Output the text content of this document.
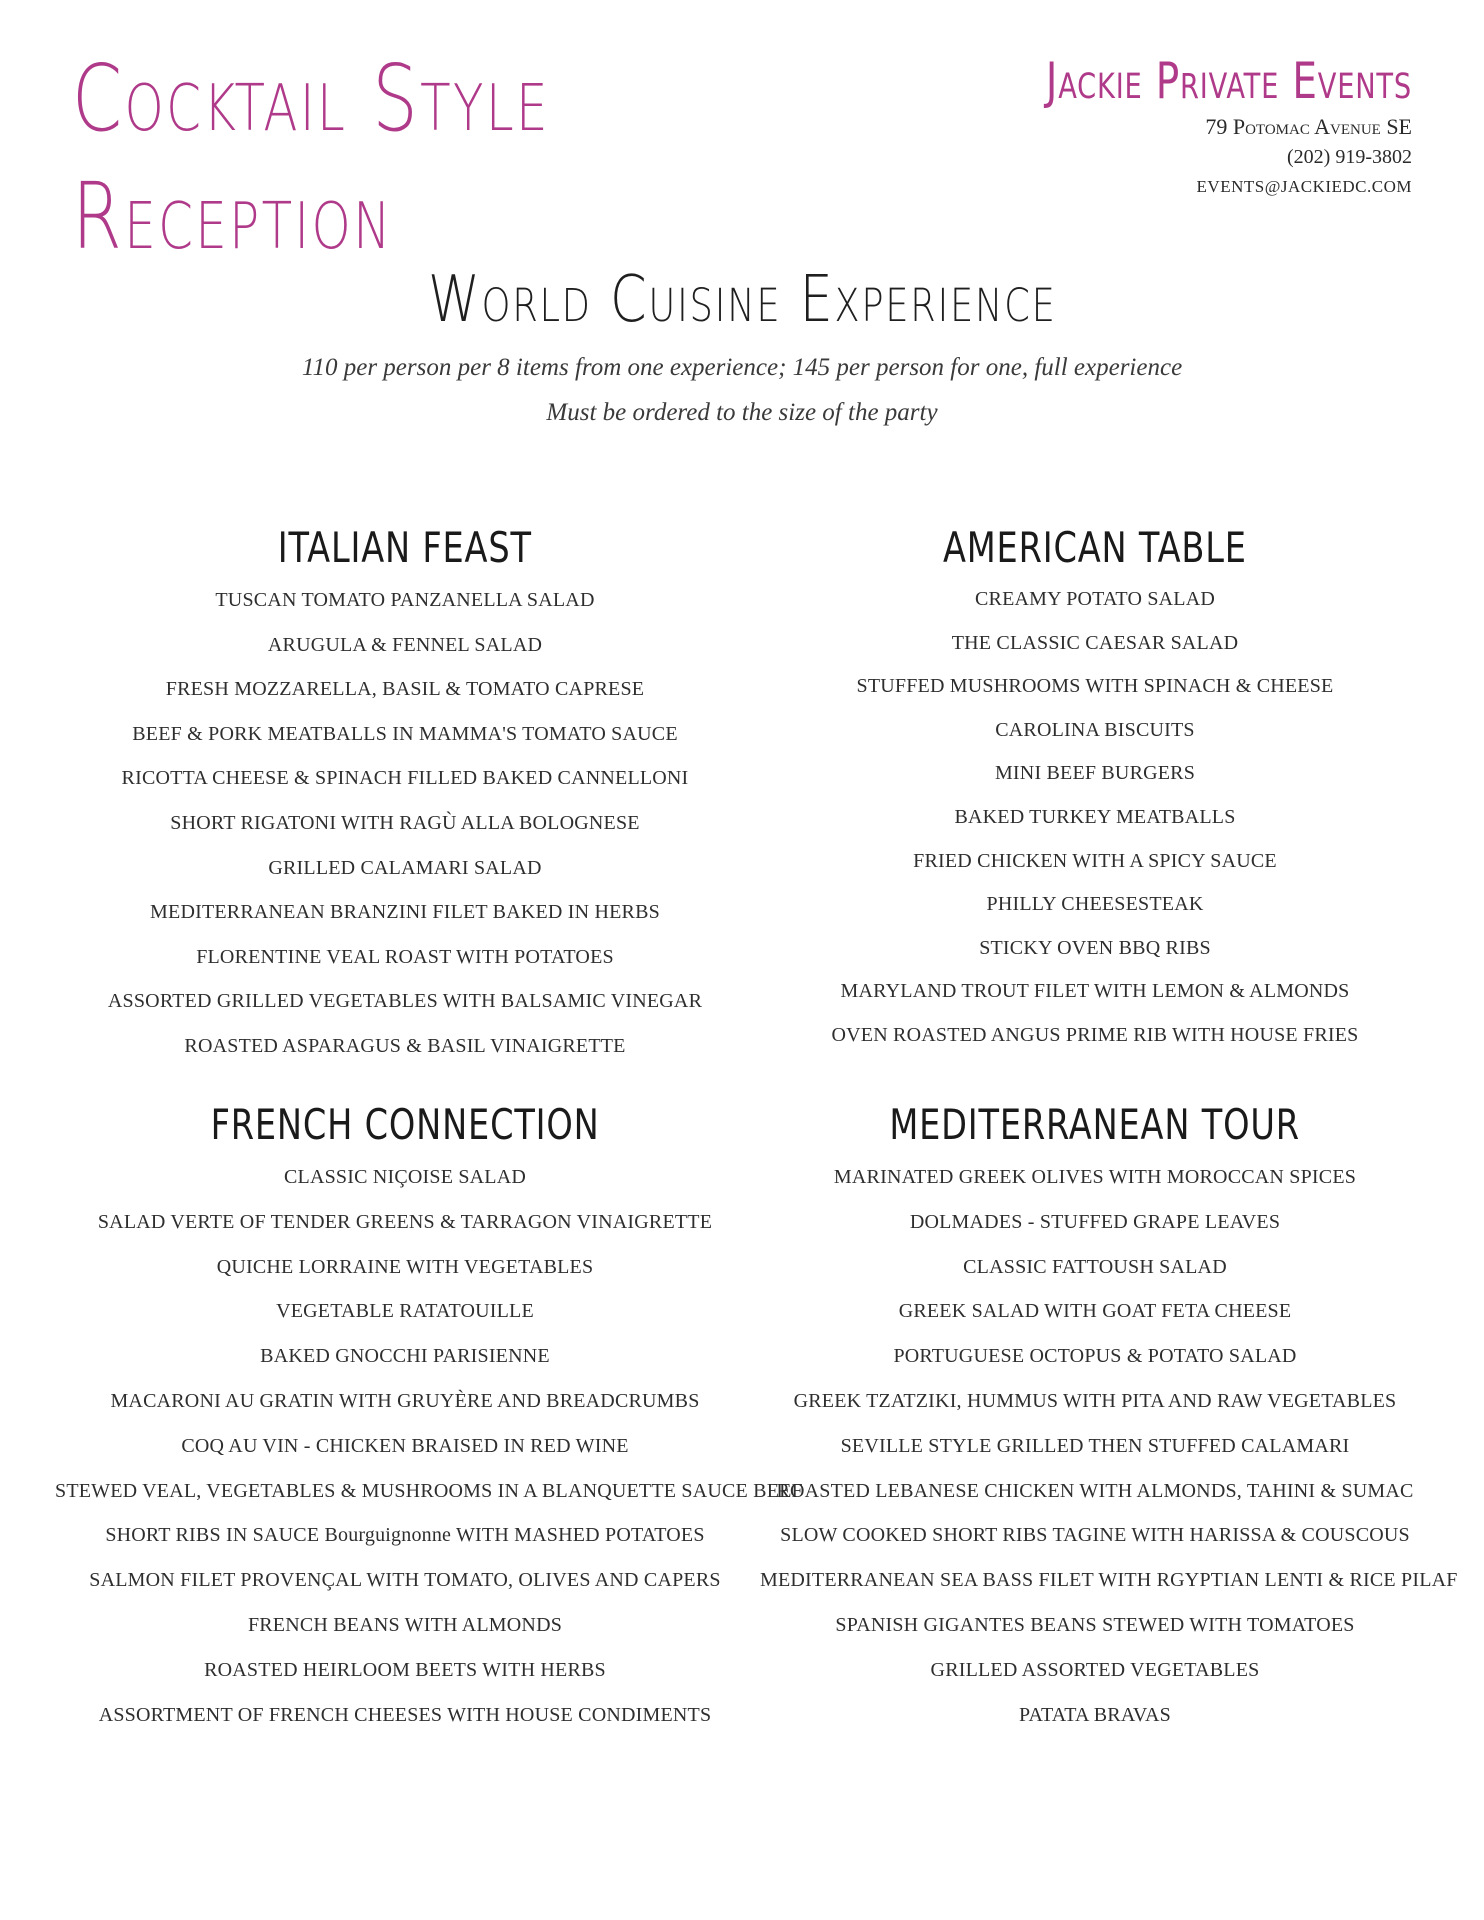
Cocktail Style
Reception
Jackie Private Events
79 Potomac Avenue SE
(202) 919-3802
EVENTS@JACKIEDC.COM
World Cuisine Experience
110 per person per 8 items from one experience; 145 per person for one, full experience
Must be ordered to the size of the party
ITALIAN FEAST
TUSCAN TOMATO PANZANELLA SALAD
ARUGULA & FENNEL SALAD
FRESH MOZZARELLA, BASIL & TOMATO CAPRESE
BEEF & PORK MEATBALLS IN MAMMA'S TOMATO SAUCE
RICOTTA CHEESE & SPINACH FILLED BAKED CANNELLONI
SHORT RIGATONI WITH RAGÙ ALLA BOLOGNESE
GRILLED CALAMARI SALAD
MEDITERRANEAN BRANZINI FILET BAKED IN HERBS
FLORENTINE VEAL ROAST WITH POTATOES
ASSORTED GRILLED VEGETABLES WITH BALSAMIC VINEGAR
ROASTED ASPARAGUS & BASIL VINAIGRETTE
AMERICAN TABLE
CREAMY POTATO SALAD
THE CLASSIC CAESAR SALAD
STUFFED MUSHROOMS WITH SPINACH & CHEESE
CAROLINA BISCUITS
MINI BEEF BURGERS
BAKED TURKEY MEATBALLS
FRIED CHICKEN WITH A SPICY SAUCE
PHILLY CHEESESTEAK
STICKY OVEN BBQ RIBS
MARYLAND TROUT FILET WITH LEMON & ALMONDS
OVEN ROASTED ANGUS PRIME RIB WITH HOUSE FRIES
FRENCH CONNECTION
CLASSIC NIÇOISE SALAD
SALAD VERTE OF TENDER GREENS & TARRAGON VINAIGRETTE
QUICHE LORRAINE WITH VEGETABLES
VEGETABLE RATATOUILLE
BAKED GNOCCHI PARISIENNE
MACARONI AU GRATIN WITH GRUYÈRE AND BREADCRUMBS
COQ AU VIN - CHICKEN BRAISED IN RED WINE
STEWED VEAL, VEGETABLES & MUSHROOMS IN A BLANQUETTE SAUCE BEEF
SHORT RIBS IN SAUCE Bourguignonne WITH MASHED POTATOES
SALMON FILET PROVENÇAL WITH TOMATO, OLIVES AND CAPERS
FRENCH BEANS WITH ALMONDS
ROASTED HEIRLOOM BEETS WITH HERBS
ASSORTMENT OF FRENCH CHEESES WITH HOUSE CONDIMENTS
MEDITERRANEAN TOUR
MARINATED GREEK OLIVES WITH MOROCCAN SPICES
DOLMADES - STUFFED GRAPE LEAVES
CLASSIC FATTOUSH SALAD
GREEK SALAD WITH GOAT FETA CHEESE
PORTUGUESE OCTOPUS & POTATO SALAD
GREEK TZATZIKI, HUMMUS WITH PITA AND RAW VEGETABLES
SEVILLE STYLE GRILLED THEN STUFFED CALAMARI
ROASTED LEBANESE CHICKEN WITH ALMONDS, TAHINI & SUMAC
SLOW COOKED SHORT RIBS TAGINE WITH HARISSA & COUSCOUS
MEDITERRANEAN SEA BASS FILET WITH RGYPTIAN LENTI & RICE PILAF
SPANISH GIGANTES BEANS STEWED WITH TOMATOES
GRILLED ASSORTED VEGETABLES
PATATA BRAVAS
